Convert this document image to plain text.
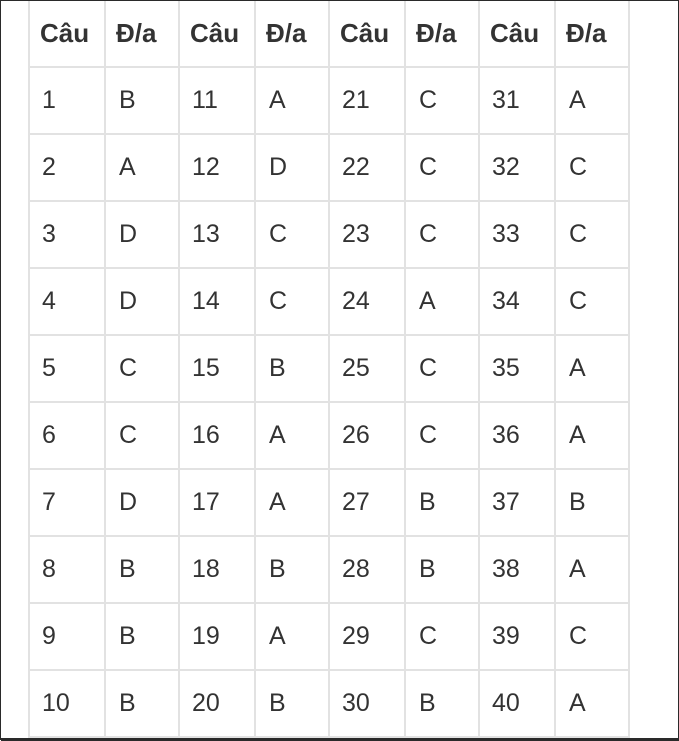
Câu	Đ/a	Câu	Đ/a	Câu	Đ/a	Câu	Đ/a
1	B	11	A	21	C	31	A
2	A	12	D	22	C	32	C
3	D	13	C	23	C	33	C
4	D	14	C	24	A	34	C
5	C	15	B	25	C	35	A
6	C	16	A	26	C	36	A
7	D	17	A	27	B	37	B
8	B	18	B	28	B	38	A
9	B	19	A	29	C	39	C
10	B	20	B	30	B	40	A
